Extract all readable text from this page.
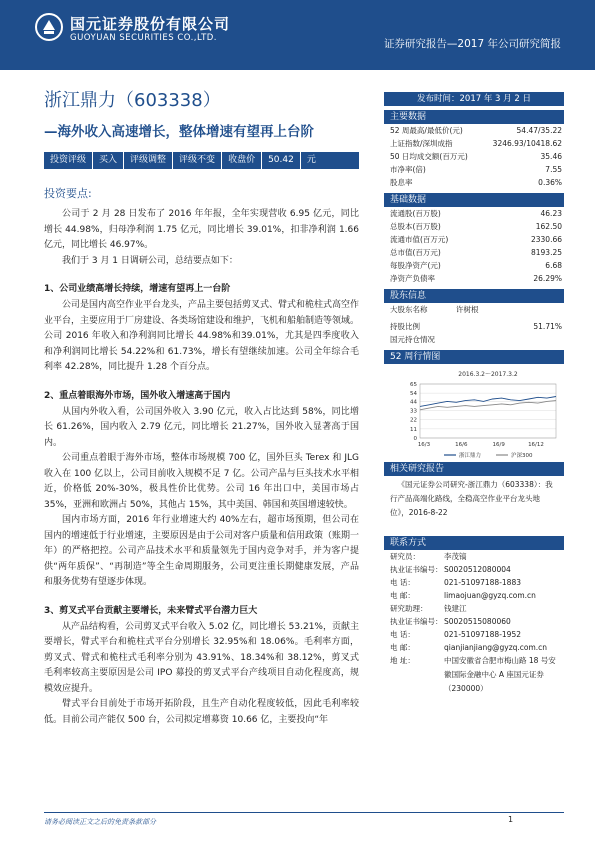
国元证券股份有限公司
GUOYUAN SECURITIES CO.,LTD.	证券研究报告—2017 年公司研究简报
浙江鼎力（603338）
—海外收入高速增长，整体增速有望再上台阶
投资评级	买入	评级调整	评级不变	收盘价	50.42	元
投资要点:

公司于 2 月 28 日发布了 2016 年年报，全年实现营收 6.95 亿元，同比增长 44.98%，归母净利润 1.75 亿元，同比增长 39.01%，扣非净利润 1.66 亿元，同比增长 46.97%。

我们于 3 月 1 日调研公司，总结要点如下：

1、公司业绩高增长持续，增速有望再上一台阶

公司是国内高空作业平台龙头，产品主要包括剪叉式、臂式和桅柱式高空作业平台，主要应用于厂房建设、各类场馆建设和维护，飞机和船舶制造等领域。公司 2016 年收入和净利润同比增长 44.98%和39.01%，尤其是四季度收入和净利润同比增长 54.22%和 61.73%，增长有望继续加速。公司全年综合毛利率 42.28%，同比提升 1.28 个百分点。

2、重点着眼海外市场，国外收入增速高于国内

从国内外收入看，公司国外收入 3.90 亿元，收入占比达到 58%，同比增长 61.26%，国内收入 2.79 亿元，同比增长 21.27%，国外收入显著高于国内。

公司重点着眼于海外市场，整体市场规模 700 亿，国外巨头 Terex 和 JLG 收入在 100 亿以上，公司目前收入规模不足 7 亿。公司产品与巨头技术水平相近，价格低 20%-30%，极具性价比优势。公司 16 年出口中，美国市场占 35%，亚洲和欧洲占 50%，其他占 15%，其中美国、韩国和英国增速较快。

国内市场方面，2016 年行业增速大约 40%左右，超市场预期，但公司在国内的增速低于行业增速，主要原因是由于公司对客户质量和信用政策（账期一年）的严格把控。公司产品技术水平和质量领先于国内竞争对手，并为客户提供“两年质保”、“再制造”等全生命周期服务，公司更注重长期健康发展，产品和服务优势有望逐步体现。

3、剪叉式平台贡献主要增长，未来臂式平台潜力巨大

从产品结构看，公司剪叉式平台收入 5.02 亿，同比增长 53.21%，贡献主要增长，臂式平台和桅柱式平台分别增长 32.95%和 18.06%。毛利率方面，剪叉式、臂式和桅柱式毛利率分别为 43.91%、18.34%和 38.12%，剪叉式毛利率较高主要原因是公司 IPO 募投的剪叉式平台产线项目自动化程度高，规模效应提升。

臂式平台目前处于市场开拓阶段，且生产自动化程度较低，因此毛利率较低。目前公司产能仅 500 台，公司拟定增募资 10.66 亿，主要投向“年

发布时间：2017 年 3 月 2 日
主要数据
52 周最高/最低价(元)	54.47/35.22
上证指数/深圳成指	3246.93/10418.62
50 日均成交额(百万元)	35.46
市净率(倍)	7.55
股息率	0.36%
基础数据
流通股(百万股)	46.23
总股本(百万股)	162.50
流通市值(百万元)	2330.66
总市值(百万元)	8193.25
每股净资产(元)	6.68
净资产负债率	26.29%
股东信息
大股东名称	许树根
持股比例	51.71%
国元持仓情况
52 周行情图
2016.3.2～2017.3.2
0
11
22
33
44
54
65
16/3	16/6	16/9	16/12
浙江鼎力	沪深300
相关研究报告
《国元证券公司研究-浙江鼎力（603338）：我行产品高端化路线，全稳高空作业平台龙头地位》，2016-8-22
联系方式
研究员：	李茂镐
执业证书编号： S0020512080004
电 话：	021-51097188-1883
电 邮：	limaojuan@gyzq.com.cn
研究助理：	钱建江
执业证书编号： S0020515080060
电 话：	021-51097188-1952
电 邮：	qianjianjiang@gyzq.com.cn
地 址：	中国安徽省合肥市梅山路 18 号安徽国际金融中心 A 座国元证券（230000）
请务必阅读正文之后的免责条款部分	1
